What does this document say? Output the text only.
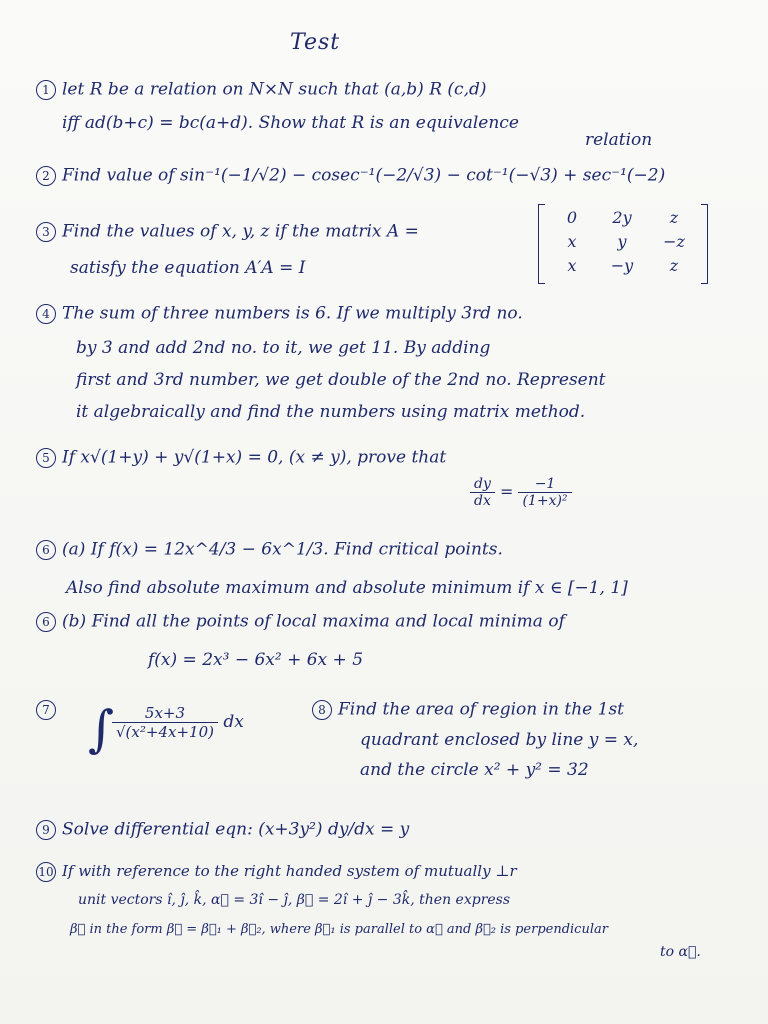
Test
1 let R be a relation on N×N such that (a,b) R (c,d)
iff ad(b+c) = bc(a+d). Show that R is an equivalence
relation
2 Find value of sin⁻¹(−1/√2) − cosec⁻¹(−2/√3) − cot⁻¹(−√3) + sec⁻¹(−2)
3 Find the values of x, y, z if the matrix A =
satisfy the equation A′A = I
0	2y	z
x	y	−z
x	−y	z
4 The sum of three numbers is 6. If we multiply 3rd no.
by 3 and add 2nd no. to it, we get 11. By adding
first and 3rd number, we get double of the 2nd no. Represent
it algebraically and find the numbers using matrix method.
5 If x√(1+y) + y√(1+x) = 0, (x ≠ y), prove that
$\frac{dy}{dx} = \frac{-1}{\text{(1+x)²}}$
6 (a) If f(x) = 12x^4/3 − 6x^1/3. Find critical points.
Also find absolute maximum and absolute minimum if x ∈ [−1, 1]
6 (b) Find all the points of local maxima and local minima of
f(x) = 2x³ − 6x² + 6x + 5
7 ∫
$\frac{5x+3}{\text{√(x²+4x+10)}}$ dx
8 Find the area of region in the 1st
quadrant enclosed by line y = x,
and the circle x² + y² = 32
9 Solve differential eqn: (x+3y²) dy/dx = y
10 If with reference to the right handed system of mutually ⊥r
unit vectors î, ĵ, k̂, α⃗ = 3î − ĵ, β⃗ = 2î + ĵ − 3k̂, then express
β⃗ in the form β⃗ = β⃗₁ + β⃗₂, where β⃗₁ is parallel to α⃗ and β⃗₂ is perpendicular
to α⃗.
